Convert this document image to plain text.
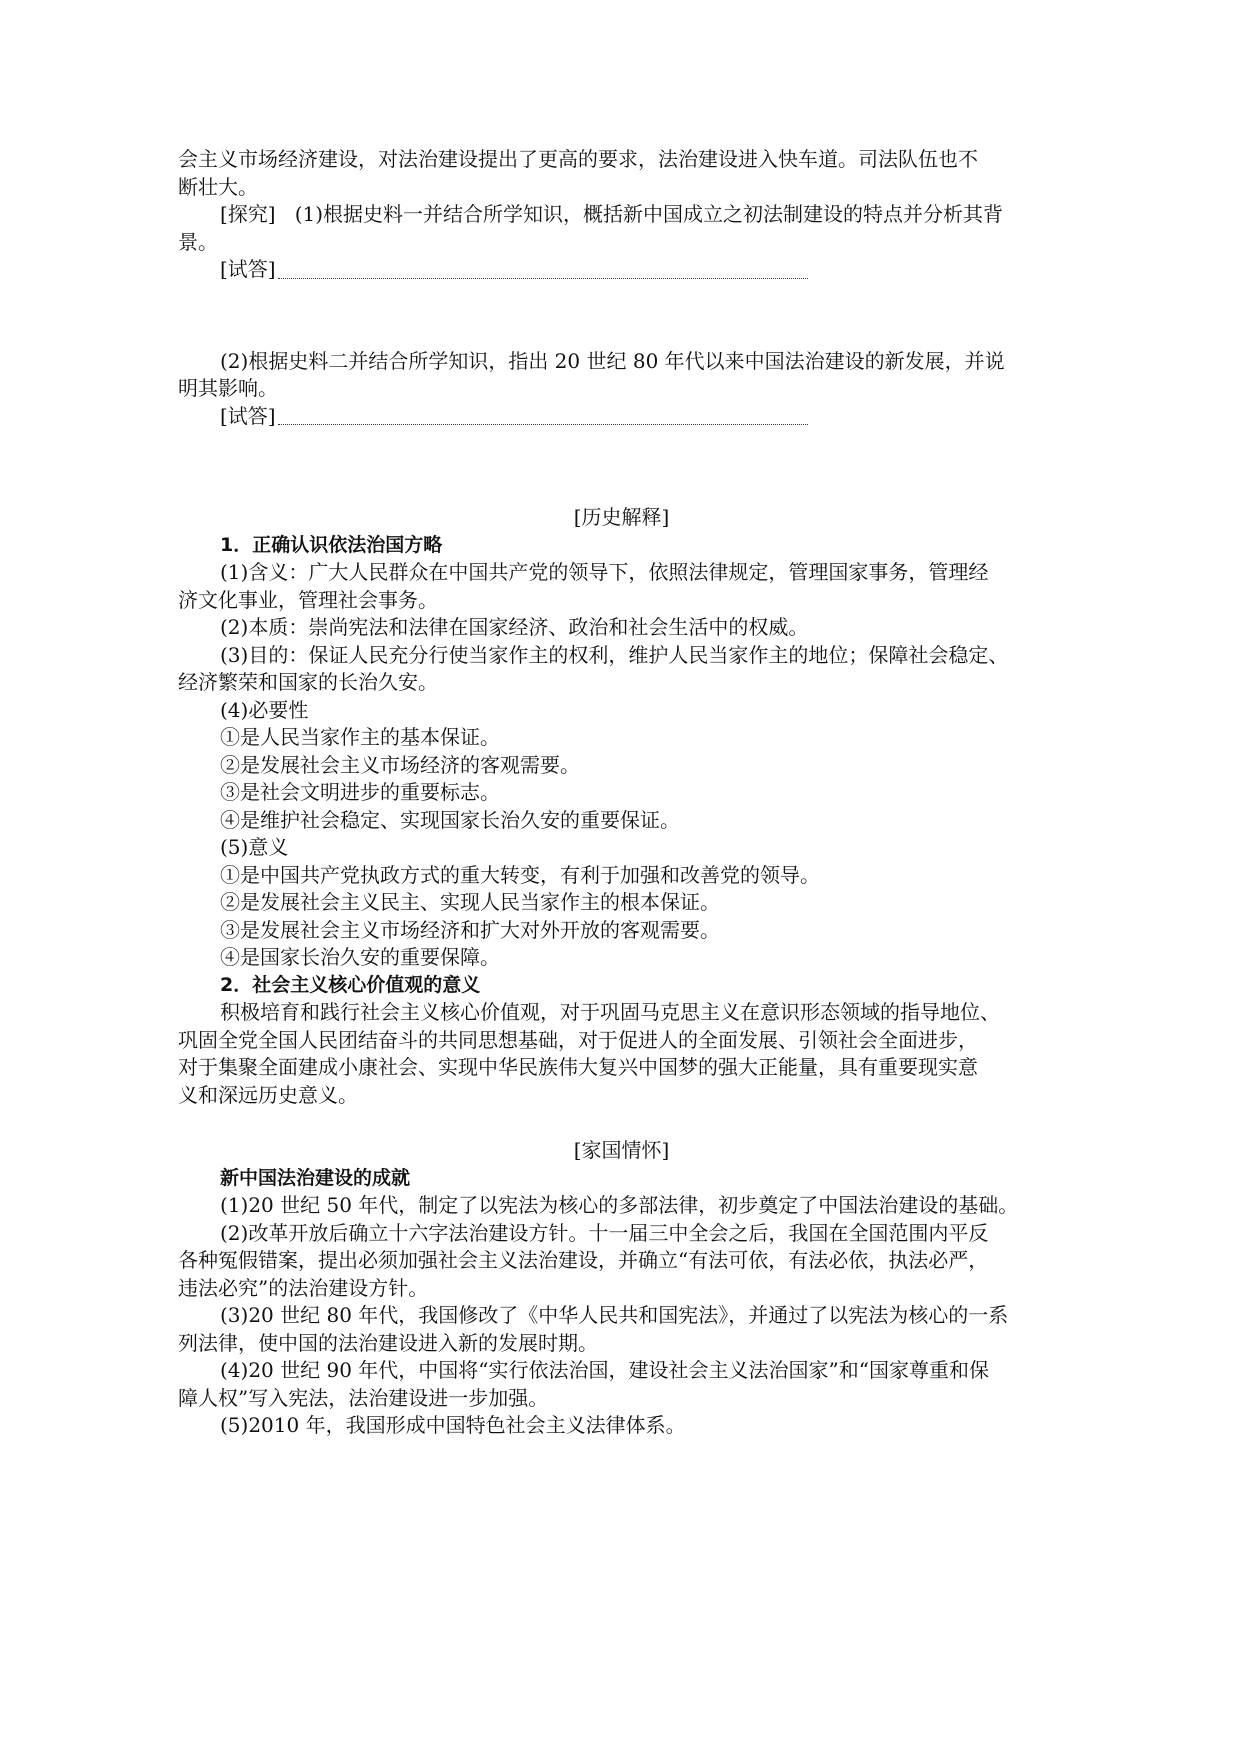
会主义市场经济建设，对法治建设提出了更高的要求，法治建设进入快车道。司法队伍也不
断壮大。

[探究] (1)根据史料一并结合所学知识，概括新中国成立之初法制建设的特点并分析其背
景。

[试答]

(2)根据史料二并结合所学知识，指出 20 世纪 80 年代以来中国法治建设的新发展，并说
明其影响。

[试答]

[历史解释]

1．正确认识依法治国方略

(1)含义：广大人民群众在中国共产党的领导下，依照法律规定，管理国家事务，管理经
济文化事业，管理社会事务。

(2)本质：崇尚宪法和法律在国家经济、政治和社会生活中的权威。

(3)目的：保证人民充分行使当家作主的权利，维护人民当家作主的地位；保障社会稳定、
经济繁荣和国家的长治久安。

(4)必要性

①是人民当家作主的基本保证。

②是发展社会主义市场经济的客观需要。

③是社会文明进步的重要标志。

④是维护社会稳定、实现国家长治久安的重要保证。

(5)意义

①是中国共产党执政方式的重大转变，有利于加强和改善党的领导。

②是发展社会主义民主、实现人民当家作主的根本保证。

③是发展社会主义市场经济和扩大对外开放的客观需要。

④是国家长治久安的重要保障。

2．社会主义核心价值观的意义

积极培育和践行社会主义核心价值观，对于巩固马克思主义在意识形态领域的指导地位、
巩固全党全国人民团结奋斗的共同思想基础，对于促进人的全面发展、引领社会全面进步，
对于集聚全面建成小康社会、实现中华民族伟大复兴中国梦的强大正能量，具有重要现实意
义和深远历史意义。

[家国情怀]

新中国法治建设的成就

(1)20 世纪 50 年代，制定了以宪法为核心的多部法律，初步奠定了中国法治建设的基础。

(2)改革开放后确立十六字法治建设方针。十一届三中全会之后，我国在全国范围内平反
各种冤假错案，提出必须加强社会主义法治建设，并确立“有法可依，有法必依，执法必严，
违法必究”的法治建设方针。

(3)20 世纪 80 年代，我国修改了《中华人民共和国宪法》，并通过了以宪法为核心的一系
列法律，使中国的法治建设进入新的发展时期。

(4)20 世纪 90 年代，中国将“实行依法治国，建设社会主义法治国家”和“国家尊重和保
障人权”写入宪法，法治建设进一步加强。

(5)2010 年，我国形成中国特色社会主义法律体系。
